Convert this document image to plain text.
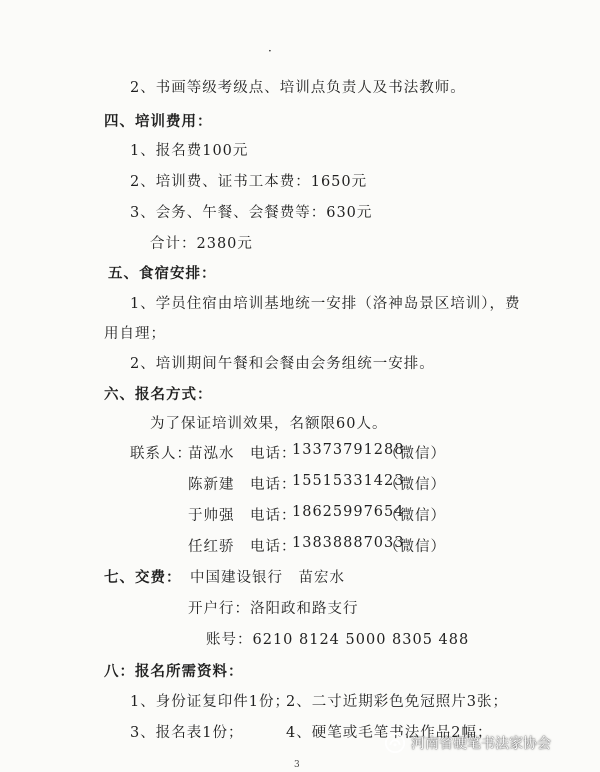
·
2、书画等级考级点、培训点负责人及书法教师。
四、培训费用：
1、报名费100元
2、培训费、证书工本费：1650元
3、会务、午餐、会餐费等：630元
合计：2380元
五、食宿安排：
1、学员住宿由培训基地统一安排（洛神岛景区培训），费
用自理；
2、培训期间午餐和会餐由会务组统一安排。
六、报名方式：
为了保证培训效果，名额限60人。
联系人：
苗泓水 电话：
13373791288
（微信）
陈新建 电话：
15515331423
（微信）
于帅强 电话：
18625997654
（微信）
任红骄 电话：
13838887033
（微信）
七、交费： 中国建设银行　苗宏水
开户行：洛阳政和路支行
账号：6210 8124 5000 8305 488
八：报名所需资料：
1、身份证复印件1份；
2、二寸近期彩色免冠照片3张；
3、报名表1份；	4、硬笔或毛笔书法作品2幅；
河南省硬笔书法家协会
3
